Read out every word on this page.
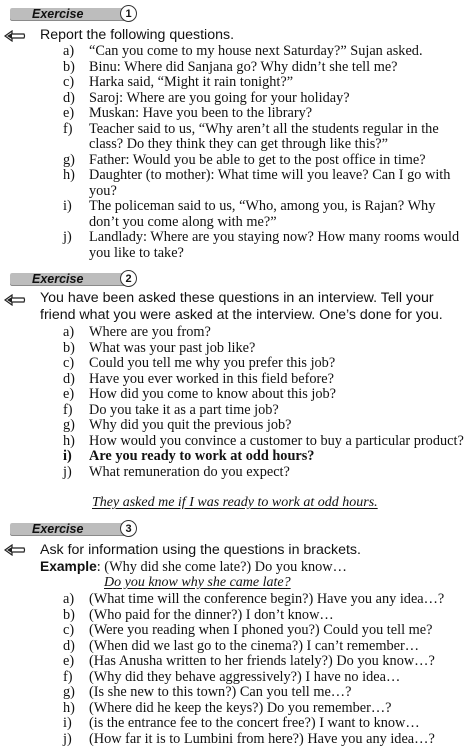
Exercise	1
Report the following questions.
a) “Can you come to my house next Saturday?” Sujan asked.
b) Binu: Where did Sanjana go? Why didn’t she tell me?
c) Harka said, “Might it rain tonight?”
d) Saroj: Where are you going for your holiday?
e) Muskan: Have you been to the library?
f) Teacher said to us, “Why aren’t all the students regular in the class? Do they think they can get through like this?”
g) Father: Would you be able to get to the post office in time?
h) Daughter (to mother): What time will you leave? Can I go with you?
i) The policeman said to us, “Who, among you, is Rajan? Why don’t you come along with me?”
j) Landlady: Where are you staying now? How many rooms would you like to take?
Exercise	2
You have been asked these questions in an interview. Tell your friend what you were asked at the interview. One’s done for you.
a) Where are you from?
b) What was your past job like?
c) Could you tell me why you prefer this job?
d) Have you ever worked in this field before?
e) How did you come to know about this job?
f) Do you take it as a part time job?
g) Why did you quit the previous job?
h) How would you convince a customer to buy a particular product?
i) Are you ready to work at odd hours?
j) What remuneration do you expect?
They asked me if I was ready to work at odd hours.
Exercise	3
Ask for information using the questions in brackets.
Example: (Why did she come late?) Do you know…
Do you know why she came late?
a) (What time will the conference begin?) Have you any idea…?
b) (Who paid for the dinner?) I don’t know…
c) (Were you reading when I phoned you?) Could you tell me?
d) (When did we last go to the cinema?) I can’t remember…
e) (Has Anusha written to her friends lately?) Do you know…?
f) (Why did they behave aggressively?) I have no idea…
g) (Is she new to this town?) Can you tell me…?
h) (Where did he keep the keys?) Do you remember…?
i) (is the entrance fee to the concert free?) I want to know…
j) (How far it is to Lumbini from here?) Have you any idea…?
